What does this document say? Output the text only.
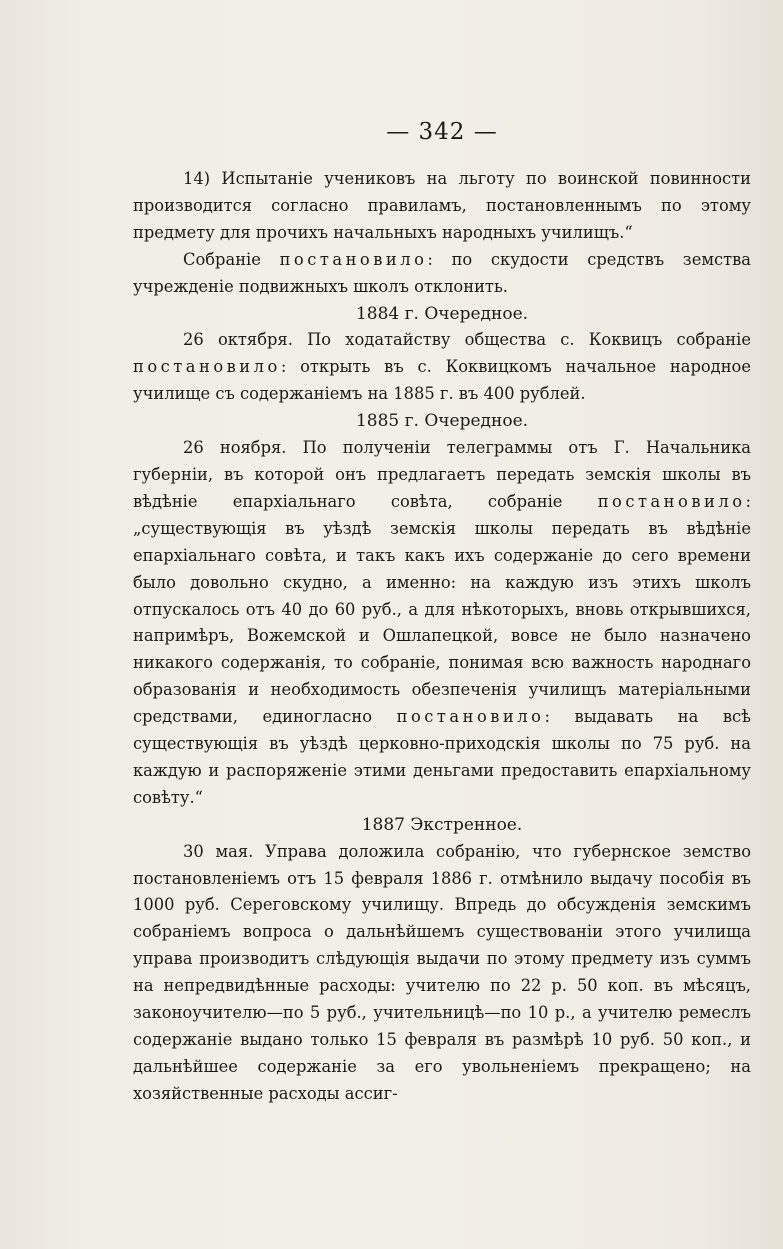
— 342 —

14) Испытаніе учениковъ на льготу по воинской повинности производится согласно правиламъ, постановленнымъ по этому предмету для прочихъ начальныхъ народныхъ училищъ.“

Собраніе постановило: по скудости средствъ земства учрежденіе подвижныхъ школъ отклонить.

1884 г. Очередное.

26 октября. По ходатайству общества с. Коквицъ собраніе постановило: открыть въ с. Коквицкомъ начальное народное училище съ содержаніемъ на 1885 г. въ 400 рублей.

1885 г. Очередное.

26 ноября. По полученіи телеграммы отъ Г. Начальника губерніи, въ которой онъ предлагаетъ передать земскія школы въ вѣдѣніе епархіальнаго совѣта, собраніе постановило: „существующія въ уѣздѣ земскія школы передать въ вѣдѣніе епархіальнаго совѣта, и такъ какъ ихъ содержаніе до сего времени было довольно скудно, а именно: на каждую изъ этихъ школъ отпускалось отъ 40 до 60 руб., а для нѣкоторыхъ, вновь открывшихся, напримѣръ, Вожемской и Ошлапецкой, вовсе не было назначено никакого содержанія, то собраніе, понимая всю важность народнаго образованія и необходимость обезпеченія училищъ матеріальными средствами, единогласно постановило: выдавать на всѣ существующія въ уѣздѣ церковно-приходскія школы по 75 руб. на каждую и распоряженіе этими деньгами предоставить епархіальному совѣту.“

1887 Экстренное.

30 мая. Управа доложила собранію, что губернское земство постановленіемъ отъ 15 февраля 1886 г. отмѣнило выдачу пособія въ 1000 руб. Сереговскому училищу. Впредь до обсужденія земскимъ собраніемъ вопроса о дальнѣйшемъ существованіи этого училища управа производитъ слѣдующія выдачи по этому предмету изъ суммъ на непредвидѣнные расходы: учителю по 22 р. 50 коп. въ мѣсяцъ, законоучителю—по 5 руб., учительницѣ—по 10 р., а учителю ремеслъ содержаніе выдано только 15 февраля въ размѣрѣ 10 руб. 50 коп., и дальнѣйшее содержаніе за его увольненіемъ прекращено; на хозяйственные расходы ассиг-
